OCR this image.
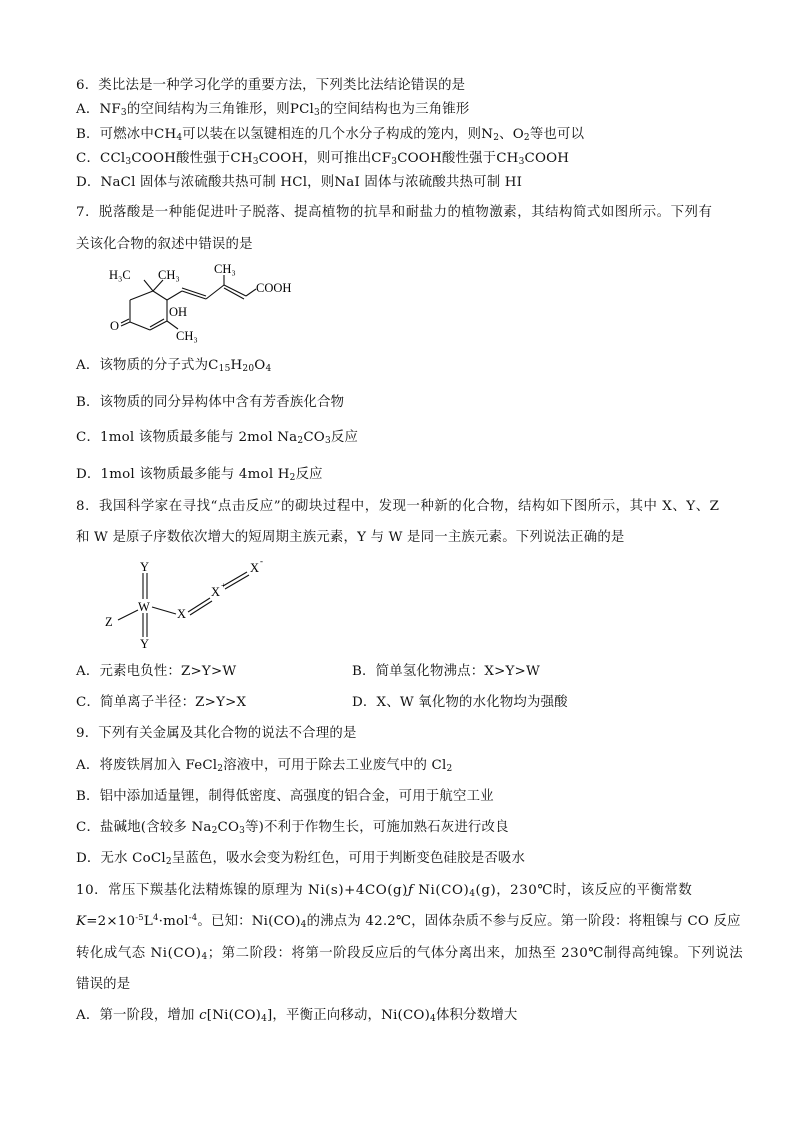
6．类比法是一种学习化学的重要方法，下列类比法结论错误的是
A．$NF_3$的空间结构为三角锥形，则PCl$_3$的空间结构也为三角锥形
B．可燃冰中$CH_4$可以装在以氢键相连的几个水分子构成的笼内，则$N_2$、$O_2$等也可以
C．CCl$_3$COOH酸性强于$CH_3COOH$，则可推出$CF_3COOH$酸性强于$CH_3COOH$
D．NaCl 固体与浓硫酸共热可制 HCl，则NaI 固体与浓硫酸共热可制 HI
7．脱落酸是一种能促进叶子脱落、提高植物的抗旱和耐盐力的植物激素，其结构简式如图所示。下列有
关该化合物的叙述中错误的是
H₃C CH₃	CH₃
COOH
OH
O
CH₃
A．该物质的分子式为$C_{15}H_{20}O_4$
B．该物质的同分异构体中含有芳香族化合物
C．1mol 该物质最多能与 2mol $Na_2CO_3$反应
D．1mol 该物质最多能与 4mol $H_2$反应
8．我国科学家在寻找“点击反应”的砌块过程中，发现一种新的化合物，结构如下图所示，其中 X、Y、Z
和 W 是原子序数依次增大的短周期主族元素，Y 与 W 是同一主族元素。下列说法正确的是
Y
W
Y
Z
X
X +
X -
A．元素电负性：Z>Y>W	B．简单氢化物沸点：X>Y>W
C．简单离子半径：Z>Y>X	D．X、W 氧化物的水化物均为强酸
9．下列有关金属及其化合物的说法不合理的是
A．将废铁屑加入 FeCl$_2$溶液中，可用于除去工业废气中的 $Cl_2$
B．铝中添加适量锂，制得低密度、高强度的铝合金，可用于航空工业
C．盐碱地(含较多 $Na_2CO_3$等)不利于作物生长，可施加熟石灰进行改良
D．无水 CoCl$_2$呈蓝色，吸水会变为粉红色，可用于判断变色硅胶是否吸水
10．常压下羰基化法精炼镍的原理为 Ni(s)+4CO(g)ƒ $Ni(CO)_4(g)$，230℃时，该反应的平衡常数
$K=2\times 10^{-5}L^4\cdot mol^{-4}$。已知：$Ni(CO)_4$的沸点为 42.2℃，固体杂质不参与反应。第一阶段：将粗镍与 CO 反应
转化成气态 $Ni(CO)_4$；第二阶段：将第一阶段反应后的气体分离出来，加热至 230℃制得高纯镍。下列说法
错误的是
A．第一阶段，增加 $c[Ni(CO)_4]$，平衡正向移动，$Ni(CO)_4$体积分数增大
